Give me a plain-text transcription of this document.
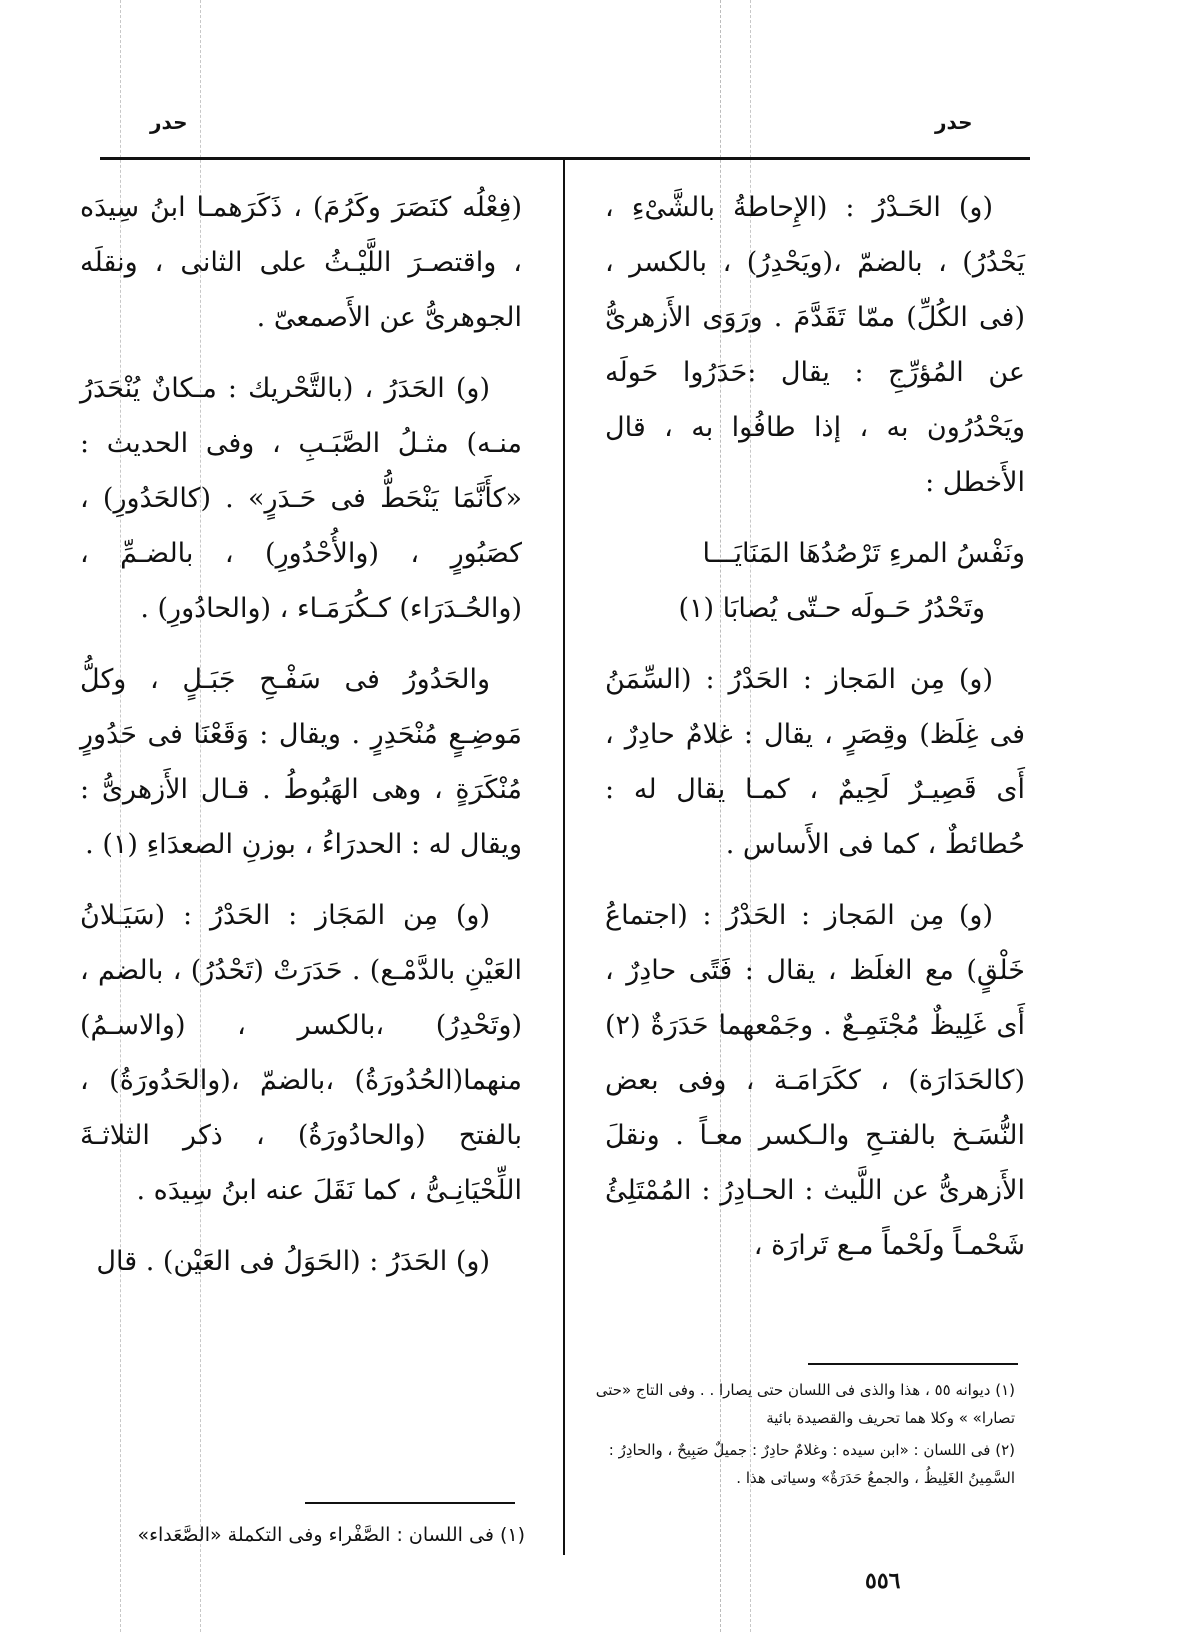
حدر	حدر

(و) الحَـدْرُ : (الإِحاطةُ بالشَّىْءِ ، يَحْدُرُ) ، بالضمّ ،(ويَحْدِرُ) ، بالكسر ، (فى الكُلِّ) ممّا تَقَدَّمَ . ورَوَى الأَزهرىُّ عن المُؤرِّجِ : يقال :حَدَرُوا حَولَه ويَحْدُرُون به ، إذا طافُوا به ، قال الأَخطل :

ونَفْسُ المرءِ تَرْصُدُهَا المَنَايَـــا

وتَحْدُرُ حَـولَه حـتّى يُصابَا (١)

(و) مِن المَجاز : الحَدْرُ : (السِّمَنُ فى غِلَظ) وقِصَرٍ ، يقال : غلامٌ حادِرٌ ، أَى قَصِيـرٌ لَحِيمٌ ، كمـا يقال له : حُطائطٌ ، كما فى الأَساس .

(و) مِن المَجاز : الحَدْرُ : (اجتماعُ خَلْقٍ) مع الغلَظ ، يقال : فَتًى حادِرٌ ، أَى غَلِيظٌ مُجْتَمِـعٌ . وجَمْعهما حَدَرَةٌ (٢) (كالحَدَارَة) ، ككَرَامَـة ، وفى بعض النُّسَـخ بالفتـحِ والـكسر معـاً . ونقلَ الأَزهرىُّ عن اللَّيث : الحـادِرُ : المُمْتَلِئُ شَحْمـاً ولَحْماً مـع تَرارَة ،

(فِعْلُه كنَصَرَ وكَرُمَ) ، ذَكَرَهمـا ابنُ سِيدَه ، واقتصـرَ اللَّيْـثُ على الثانى ، ونقلَه الجوهرىُّ عن الأَصمعىّ .

(و) الحَدَرُ ، (بالتَّحْريك : مـكانٌ يُنْحَدَرُ منـه) مثـلُ الصَّبَـبِ ، وفى الحديث : «كأَنَّمَا يَنْحَطُّ فى حَـدَرٍ» . (كالحَدُورِ) ، كصَبُورٍ ، (والأُحْدُورِ) ، بالضـمِّ ، (والحُـدَرَاء) كـكُرَمَـاء ، (والحادُورِ) .

والحَدُورُ فى سَفْـحِ جَبَـلٍ ، وكلُّ مَوضِـعٍ مُنْحَدِرٍ . ويقال : وَقَعْنَا فى حَدُورٍ مُنْكَرَةٍ ، وهى الهَبُوطُ . قـال الأَزهرىُّ : ويقال له : الحدرَاءُ ، بوزنِ الصعدَاءِ (١) .

(و) مِن المَجَاز : الحَدْرُ : (سَيَـلانُ العَيْنِ بالدَّمْـع) . حَدَرَتْ (تَحْدُرُ) ، بالضم ، (وتَحْدِرُ) ،بالكسر ، (والاسـمُ) منهما(الحُدُورَةُ) ،بالضمّ ،(والحَدُورَةُ) ، بالفتح (والحادُورَةُ) ، ذكر الثلاثـةَ اللِّحْيَانِـىُّ ، كما نَقَلَ عنه ابنُ سِيدَه .

(و) الحَدَرُ : (الحَوَلُ فى العَيْن) . قال

(١) ديوانه ٥٥ ، هذا والذى فى اللسان حتى يصارا . . وفى التاج «حتى تصارا» » وكلا هما تحريف والقصيدة بائية

(٢) فى اللسان : «ابن سيده : وغلامٌ حادِرٌ : جميلٌ صَبِيحٌ ، والحادِرُ : السَّمِينُ الغَلِيظُ ، والجمعُ حَدَرَةٌ» وسياتى هذا .

(١) فى اللسان : الصَّفْراء وفى التكملة «الصَّعَداء»

٥٥٦
